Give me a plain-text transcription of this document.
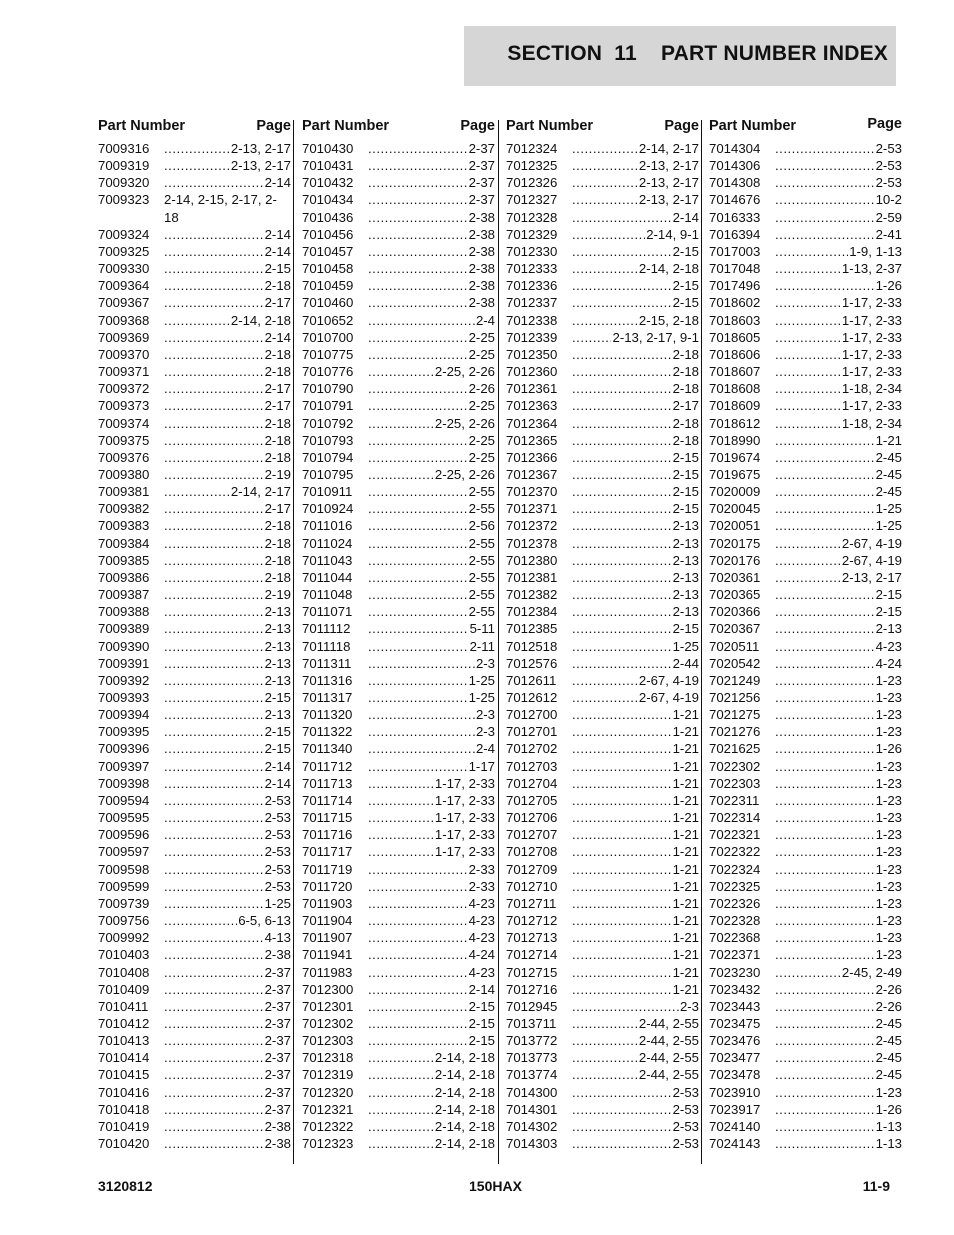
SECTION  11    PART NUMBER INDEX
Part Number	Page
7009316 .....	2-13, 2-17
7009319 .....	2-13, 2-17
7009320 .....	2-14
7009323	2-14, 2-15, 2-17, 2-18
7009324 .....	2-14
7009325 .....	2-14
7009330 .....	2-15
7009364 .....	2-18
7009367 .....	2-17
7009368 .....	2-14, 2-18
7009369 .....	2-14
7009370 .....	2-18
7009371 .....	2-18
7009372 .....	2-17
7009373 .....	2-17
7009374 .....	2-18
7009375 .....	2-18
7009376 .....	2-18
7009380 .....	2-19
7009381 .....	2-14, 2-17
7009382 .....	2-17
7009383 .....	2-18
7009384 .....	2-18
7009385 .....	2-18
7009386 .....	2-18
7009387 .....	2-19
7009388 .....	2-13
7009389 .....	2-13
7009390 .....	2-13
7009391 .....	2-13
7009392 .....	2-13
7009393 .....	2-15
7009394 .....	2-13
7009395 .....	2-15
7009396 .....	2-15
7009397 .....	2-14
7009398 .....	2-14
7009594 .....	2-53
7009595 .....	2-53
7009596 .....	2-53
7009597 .....	2-53
7009598 .....	2-53
7009599 .....	2-53
7009739 .....	1-25
7009756 .....	6-5, 6-13
7009992 .....	4-13
7010403 .....	2-38
7010408 .....	2-37
7010409 .....	2-37
7010411 .....	2-37
7010412 .....	2-37
7010413 .....	2-37
7010414 .....	2-37
7010415 .....	2-37
7010416 .....	2-37
7010418 .....	2-37
7010419 .....	2-38
7010420 .....	2-38
Part Number	Page
7010430 .....	2-37
7010431 .....	2-37
7010432 .....	2-37
7010434 .....	2-37
7010436 .....	2-38
7010456 .....	2-38
7010457 .....	2-38
7010458 .....	2-38
7010459 .....	2-38
7010460 .....	2-38
7010652 .....	2-4
7010700 .....	2-25
7010775 .....	2-25
7010776 .....	2-25, 2-26
7010790 .....	2-26
7010791 .....	2-25
7010792 .....	2-25, 2-26
7010793 .....	2-25
7010794 .....	2-25
7010795 .....	2-25, 2-26
7010911 .....	2-55
7010924 .....	2-55
7011016 .....	2-56
7011024 .....	2-55
7011043 .....	2-55
7011044 .....	2-55
7011048 .....	2-55
7011071 .....	2-55
7011112 .....	5-11
7011118 .....	2-11
7011311 .....	2-3
7011316 .....	1-25
7011317 .....	1-25
7011320 .....	2-3
7011322 .....	2-3
7011340 .....	2-4
7011712 .....	1-17
7011713 .....	1-17, 2-33
7011714 .....	1-17, 2-33
7011715 .....	1-17, 2-33
7011716 .....	1-17, 2-33
7011717 .....	1-17, 2-33
7011719 .....	2-33
7011720 .....	2-33
7011903 .....	4-23
7011904 .....	4-23
7011907 .....	4-23
7011941 .....	4-24
7011983 .....	4-23
7012300 .....	2-14
7012301 .....	2-15
7012302 .....	2-15
7012303 .....	2-15
7012318 .....	2-14, 2-18
7012319 .....	2-14, 2-18
7012320 .....	2-14, 2-18
7012321 .....	2-14, 2-18
7012322 .....	2-14, 2-18
7012323 .....	2-14, 2-18
Part Number	Page
7012324 .....	2-14, 2-17
7012325 .....	2-13, 2-17
7012326 .....	2-13, 2-17
7012327 .....	2-13, 2-17
7012328 .....	2-14
7012329 .....	2-14, 9-1
7012330 .....	2-15
7012333 .....	2-14, 2-18
7012336 .....	2-15
7012337 .....	2-15
7012338 .....	2-15, 2-18
7012339 .....	2-13, 2-17, 9-1
7012350 .....	2-18
7012360 .....	2-18
7012361 .....	2-18
7012363 .....	2-17
7012364 .....	2-18
7012365 .....	2-18
7012366 .....	2-15
7012367 .....	2-15
7012370 .....	2-15
7012371 .....	2-15
7012372 .....	2-13
7012378 .....	2-13
7012380 .....	2-13
7012381 .....	2-13
7012382 .....	2-13
7012384 .....	2-13
7012385 .....	2-15
7012518 .....	1-25
7012576 .....	2-44
7012611 .....	2-67, 4-19
7012612 .....	2-67, 4-19
7012700 .....	1-21
7012701 .....	1-21
7012702 .....	1-21
7012703 .....	1-21
7012704 .....	1-21
7012705 .....	1-21
7012706 .....	1-21
7012707 .....	1-21
7012708 .....	1-21
7012709 .....	1-21
7012710 .....	1-21
7012711 .....	1-21
7012712 .....	1-21
7012713 .....	1-21
7012714 .....	1-21
7012715 .....	1-21
7012716 .....	1-21
7012945 .....	2-3
7013711 .....	2-44, 2-55
7013772 .....	2-44, 2-55
7013773 .....	2-44, 2-55
7013774 .....	2-44, 2-55
7014300 .....	2-53
7014301 .....	2-53
7014302 .....	2-53
7014303 .....	2-53
Part Number	Page
7014304 .....	2-53
7014306 .....	2-53
7014308 .....	2-53
7014676 .....	10-2
7016333 .....	2-59
7016394 .....	2-41
7017003 .....	1-9, 1-13
7017048 .....	1-13, 2-37
7017496 .....	1-26
7018602 .....	1-17, 2-33
7018603 .....	1-17, 2-33
7018605 .....	1-17, 2-33
7018606 .....	1-17, 2-33
7018607 .....	1-17, 2-33
7018608 .....	1-18, 2-34
7018609 .....	1-17, 2-33
7018612 .....	1-18, 2-34
7018990 .....	1-21
7019674 .....	2-45
7019675 .....	2-45
7020009 .....	2-45
7020045 .....	1-25
7020051 .....	1-25
7020175 .....	2-67, 4-19
7020176 .....	2-67, 4-19
7020361 .....	2-13, 2-17
7020365 .....	2-15
7020366 .....	2-15
7020367 .....	2-13
7020511 .....	4-23
7020542 .....	4-24
7021249 .....	1-23
7021256 .....	1-23
7021275 .....	1-23
7021276 .....	1-23
7021625 .....	1-26
7022302 .....	1-23
7022303 .....	1-23
7022311 .....	1-23
7022314 .....	1-23
7022321 .....	1-23
7022322 .....	1-23
7022324 .....	1-23
7022325 .....	1-23
7022326 .....	1-23
7022328 .....	1-23
7022368 .....	1-23
7022371 .....	1-23
7023230 .....	2-45, 2-49
7023432 .....	2-26
7023443 .....	2-26
7023475 .....	2-45
7023476 .....	2-45
7023477 .....	2-45
7023478 .....	2-45
7023910 .....	1-23
7023917 .....	1-26
7024140 .....	1-13
7024143 .....	1-13
3120812	150HAX	11-9
